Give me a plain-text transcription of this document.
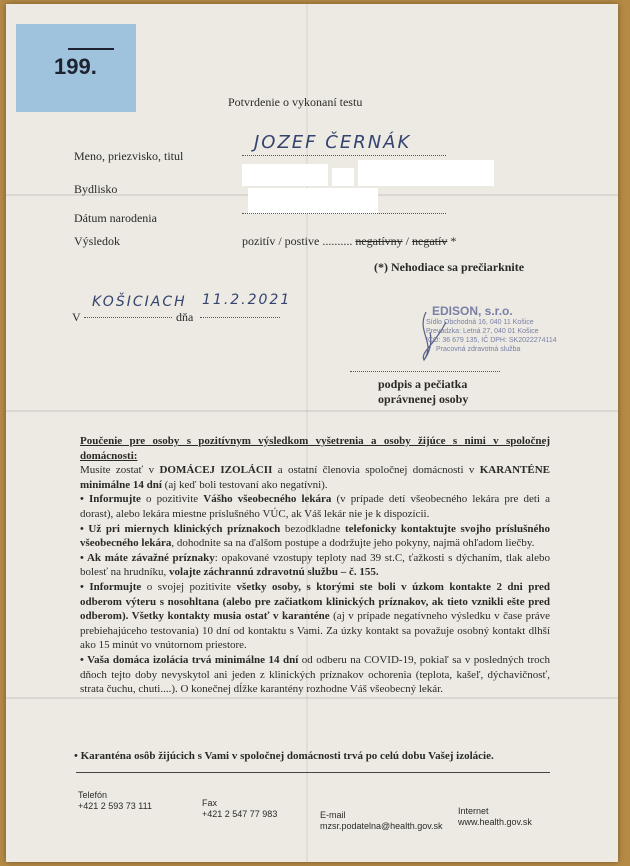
199.
Potvrdenie o vykonaní testu
Meno, priezvisko, titul
JOZEF ČERNÁK
Bydlisko
Dátum narodenia
Výsledok	pozitív / postive .......... negatívny / negatív *
(*) Nehodiace sa prečiarknite
V
KOŠICIACH
dňa
11.2.2021
EDISON, s.r.o.
Sídlo Obchodná 16, 040 11 Košice
Prevádzka: Letná 27, 040 01 Košice
IČO: 36 679 135, IČ DPH: SK2022274114
Pracovná zdravotná služba
podpis a pečiatka
oprávnenej osoby

Poučenie pre osoby s pozitívnym výsledkom vyšetrenia a osoby žijúce s nimi v spoločnej domácnosti:

Musíte zostať v DOMÁCEJ IZOLÁCII a ostatní členovia spoločnej domácnosti v KARANTÉNE minimálne 14 dní (aj keď boli testovaní ako negatívni).

• Informujte o pozitivite Vášho všeobecného lekára (v prípade detí všeobecného lekára pre deti a dorast), alebo lekára miestne príslušného VÚC, ak Váš lekár nie je k dispozícii.

• Už pri miernych klinických príznakoch bezodkladne telefonicky kontaktujte svojho príslušného všeobecného lekára, dohodnite sa na ďalšom postupe a dodržujte jeho pokyny, najmä ohľadom liečby.

• Ak máte závažné príznaky: opakované vzostupy teploty nad 39 st.C, ťažkosti s dýchaním, tlak alebo bolesť na hrudníku, volajte záchrannú zdravotnú službu – č. 155.

• Informujte o svojej pozitivite všetky osoby, s ktorými ste boli v úzkom kontakte 2 dni pred odberom výteru s nosohltana (alebo pre začiatkom klinických príznakov, ak tieto vznikli ešte pred odberom). Všetky kontakty musia ostať v karanténe (aj v prípade negatívneho výsledku v čase práve prebiehajúceho testovania) 10 dní od kontaktu s Vami. Za úzky kontakt sa považuje osobný kontakt dlhší ako 15 minút vo vnútornom priestore.

• Vaša domáca izolácia trvá minimálne 14 dní od odberu na COVID-19, pokiaľ sa v posledných troch dňoch tejto doby nevyskytol ani jeden z klinických príznakov ochorenia (teplota, kašeľ, dýchavičnosť, strata čuchu, chuti....). O konečnej dĺžke karantény rozhodne Váš všeobecný lekár.

• Karanténa osôb žijúcich s Vami v spoločnej domácnosti trvá po celú dobu Vašej izolácie.
Telefón
+421 2 593 73 111	Fax
+421 2 547 77 983	E-mail
mzsr.podatelna@health.gov.sk
Internet
www.health.gov.sk
